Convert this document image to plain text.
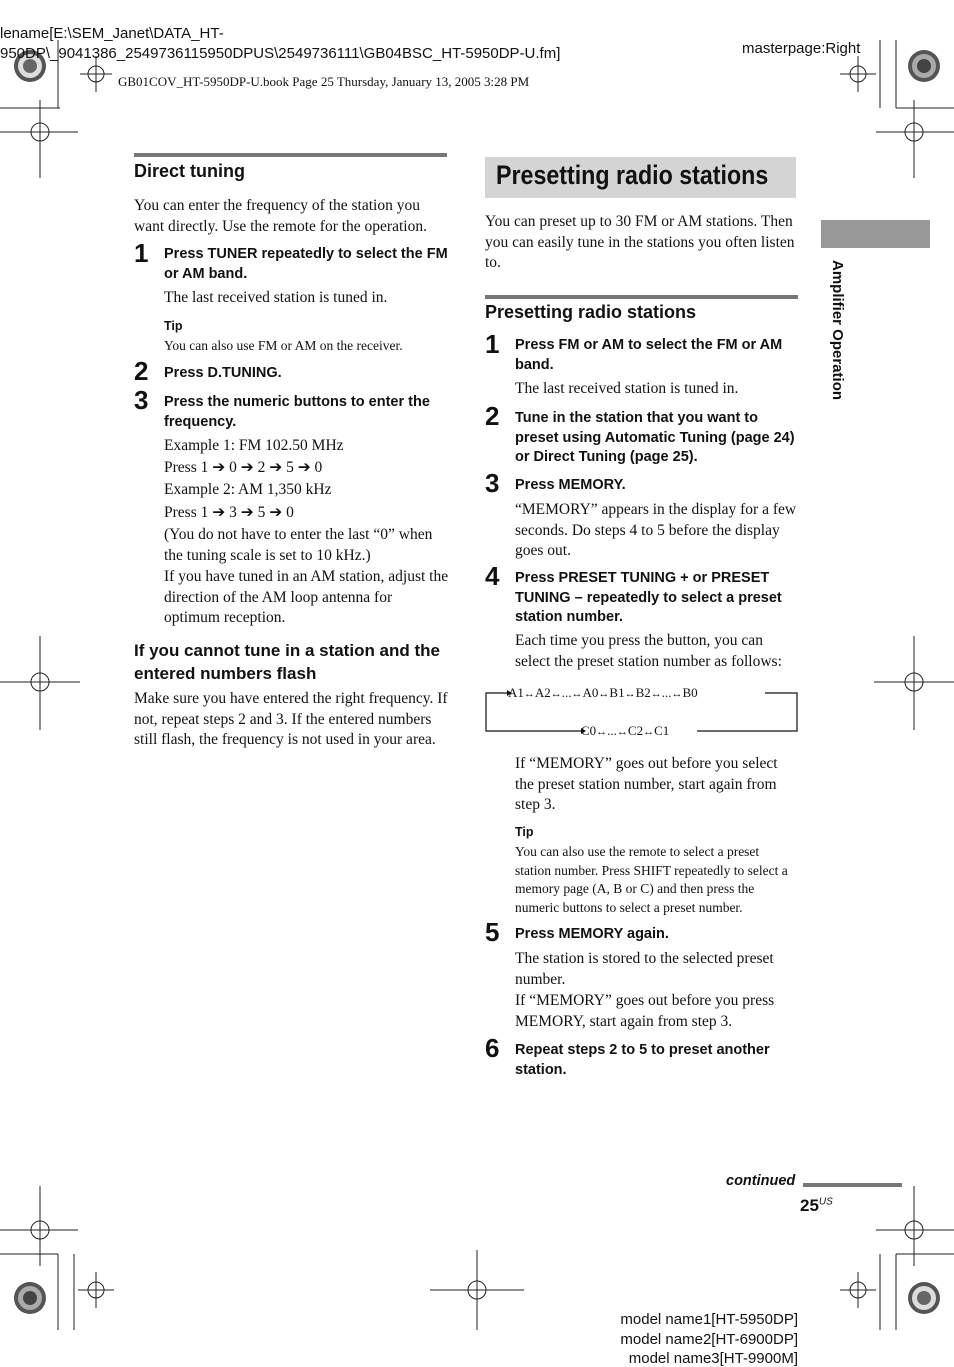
lename[E:\SEM_Janet\DATA_HT-
950DP\_9041386_2549736115950DPUS\2549736111\GB04BSC_HT-5950DP-U.fm]	masterpage:Right
GB01COV_HT-5950DP-U.book Page 25 Thursday, January 13, 2005 3:28 PM
Amplifier Operation
Direct tuning
You can enter the frequency of the station you want directly. Use the remote for the operation.
1 Press TUNER repeatedly to select the FM or AM band.
The last received station is tuned in.
Tip
You can also use FM or AM on the receiver.
2 Press D.TUNING.
3 Press the numeric buttons to enter the frequency.
Example 1: FM 102.50 MHz
Press 1 ➔ 0 ➔ 2 ➔ 5 ➔ 0
Example 2: AM 1,350 kHz
Press 1 ➔ 3 ➔ 5 ➔ 0
(You do not have to enter the last “0” when the tuning scale is set to 10 kHz.)
If you have tuned in an AM station, adjust the direction of the AM loop antenna for optimum reception.
If you cannot tune in a station and the entered numbers flash
Make sure you have entered the right frequency. If not, repeat steps 2 and 3. If the entered numbers still flash, the frequency is not used in your area.
Presetting radio stations
You can preset up to 30 FM or AM stations. Then you can easily tune in the stations you often listen to.
Presetting radio stations
1 Press FM or AM to select the FM or AM band.
The last received station is tuned in.
2 Tune in the station that you want to preset using Automatic Tuning (page 24) or Direct Tuning (page 25).
3 Press MEMORY.
“MEMORY” appears in the display for a few seconds. Do steps 4 to 5 before the display goes out.
4 Press PRESET TUNING + or PRESET TUNING – repeatedly to select a preset station number.
Each time you press the button, you can select the preset station number as follows:
A1↔A2↔...↔A0↔B1↔B2↔...↔B0
C0↔...↔C2↔C1
If “MEMORY” goes out before you select the preset station number, start again from step 3.
Tip
You can also use the remote to select a preset station number. Press SHIFT repeatedly to select a memory page (A, B or C) and then press the numeric buttons to select a preset number.
5 Press MEMORY again.
The station is stored to the selected preset number.
If “MEMORY” goes out before you press MEMORY, start again from step 3.
6 Repeat steps 2 to 5 to preset another station.
continued
$25^{US}$
model name1[HT-5950DP]
model name2[HT-6900DP]
model name3[HT-9900M]
